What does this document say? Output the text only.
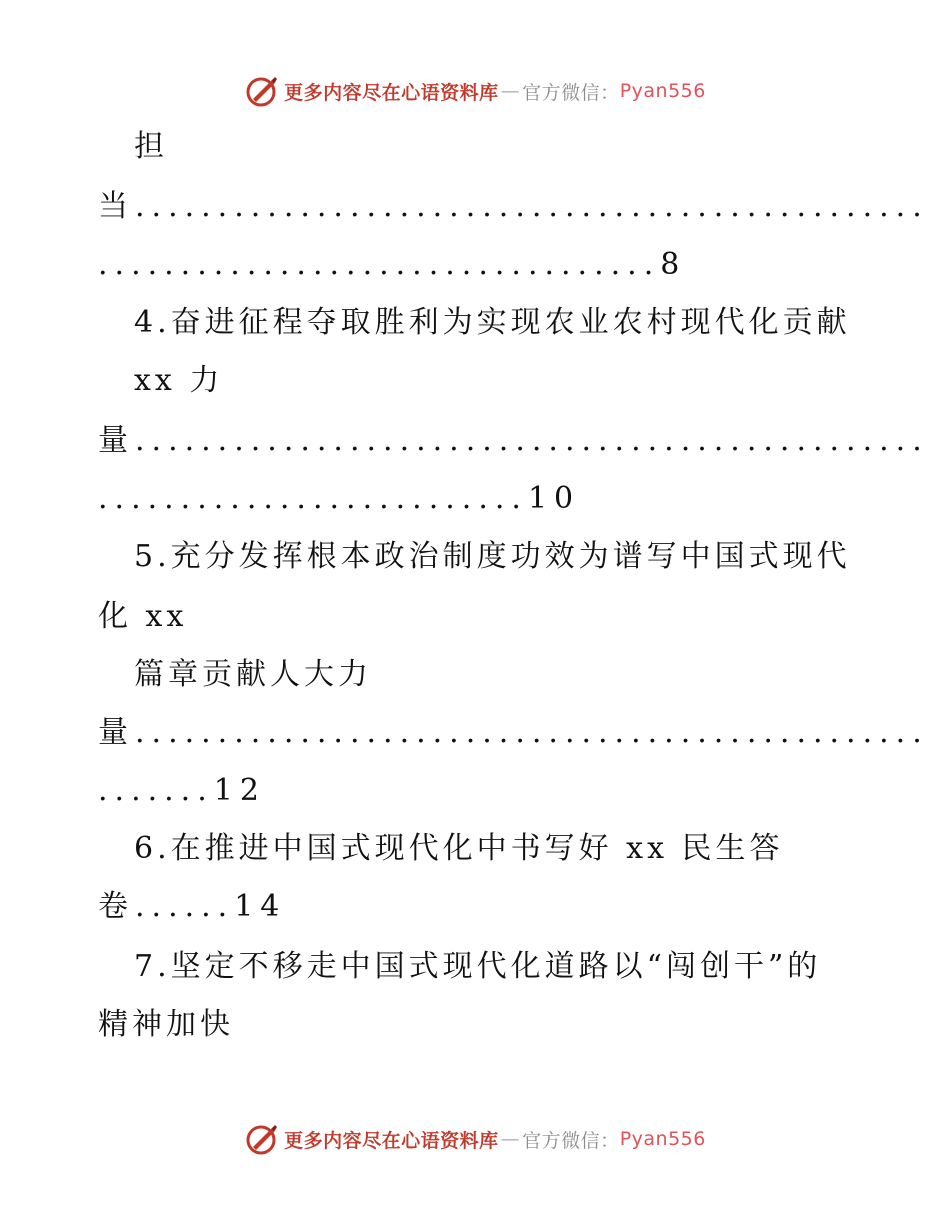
更多内容尽在心语资料库 — 官方微信： Pyan556
担
当................................................
..................................8
4.奋进征程夺取胜利为实现农业农村现代化贡献
xx 力
量................................................
..........................10
5.充分发挥根本政治制度功效为谱写中国式现代
化 xx
篇章贡献人大力
量................................................
.......12
6.在推进中国式现代化中书写好 xx 民生答
卷......14
7.坚定不移走中国式现代化道路以“闯创干”的
精神加快
更多内容尽在心语资料库 — 官方微信： Pyan556
